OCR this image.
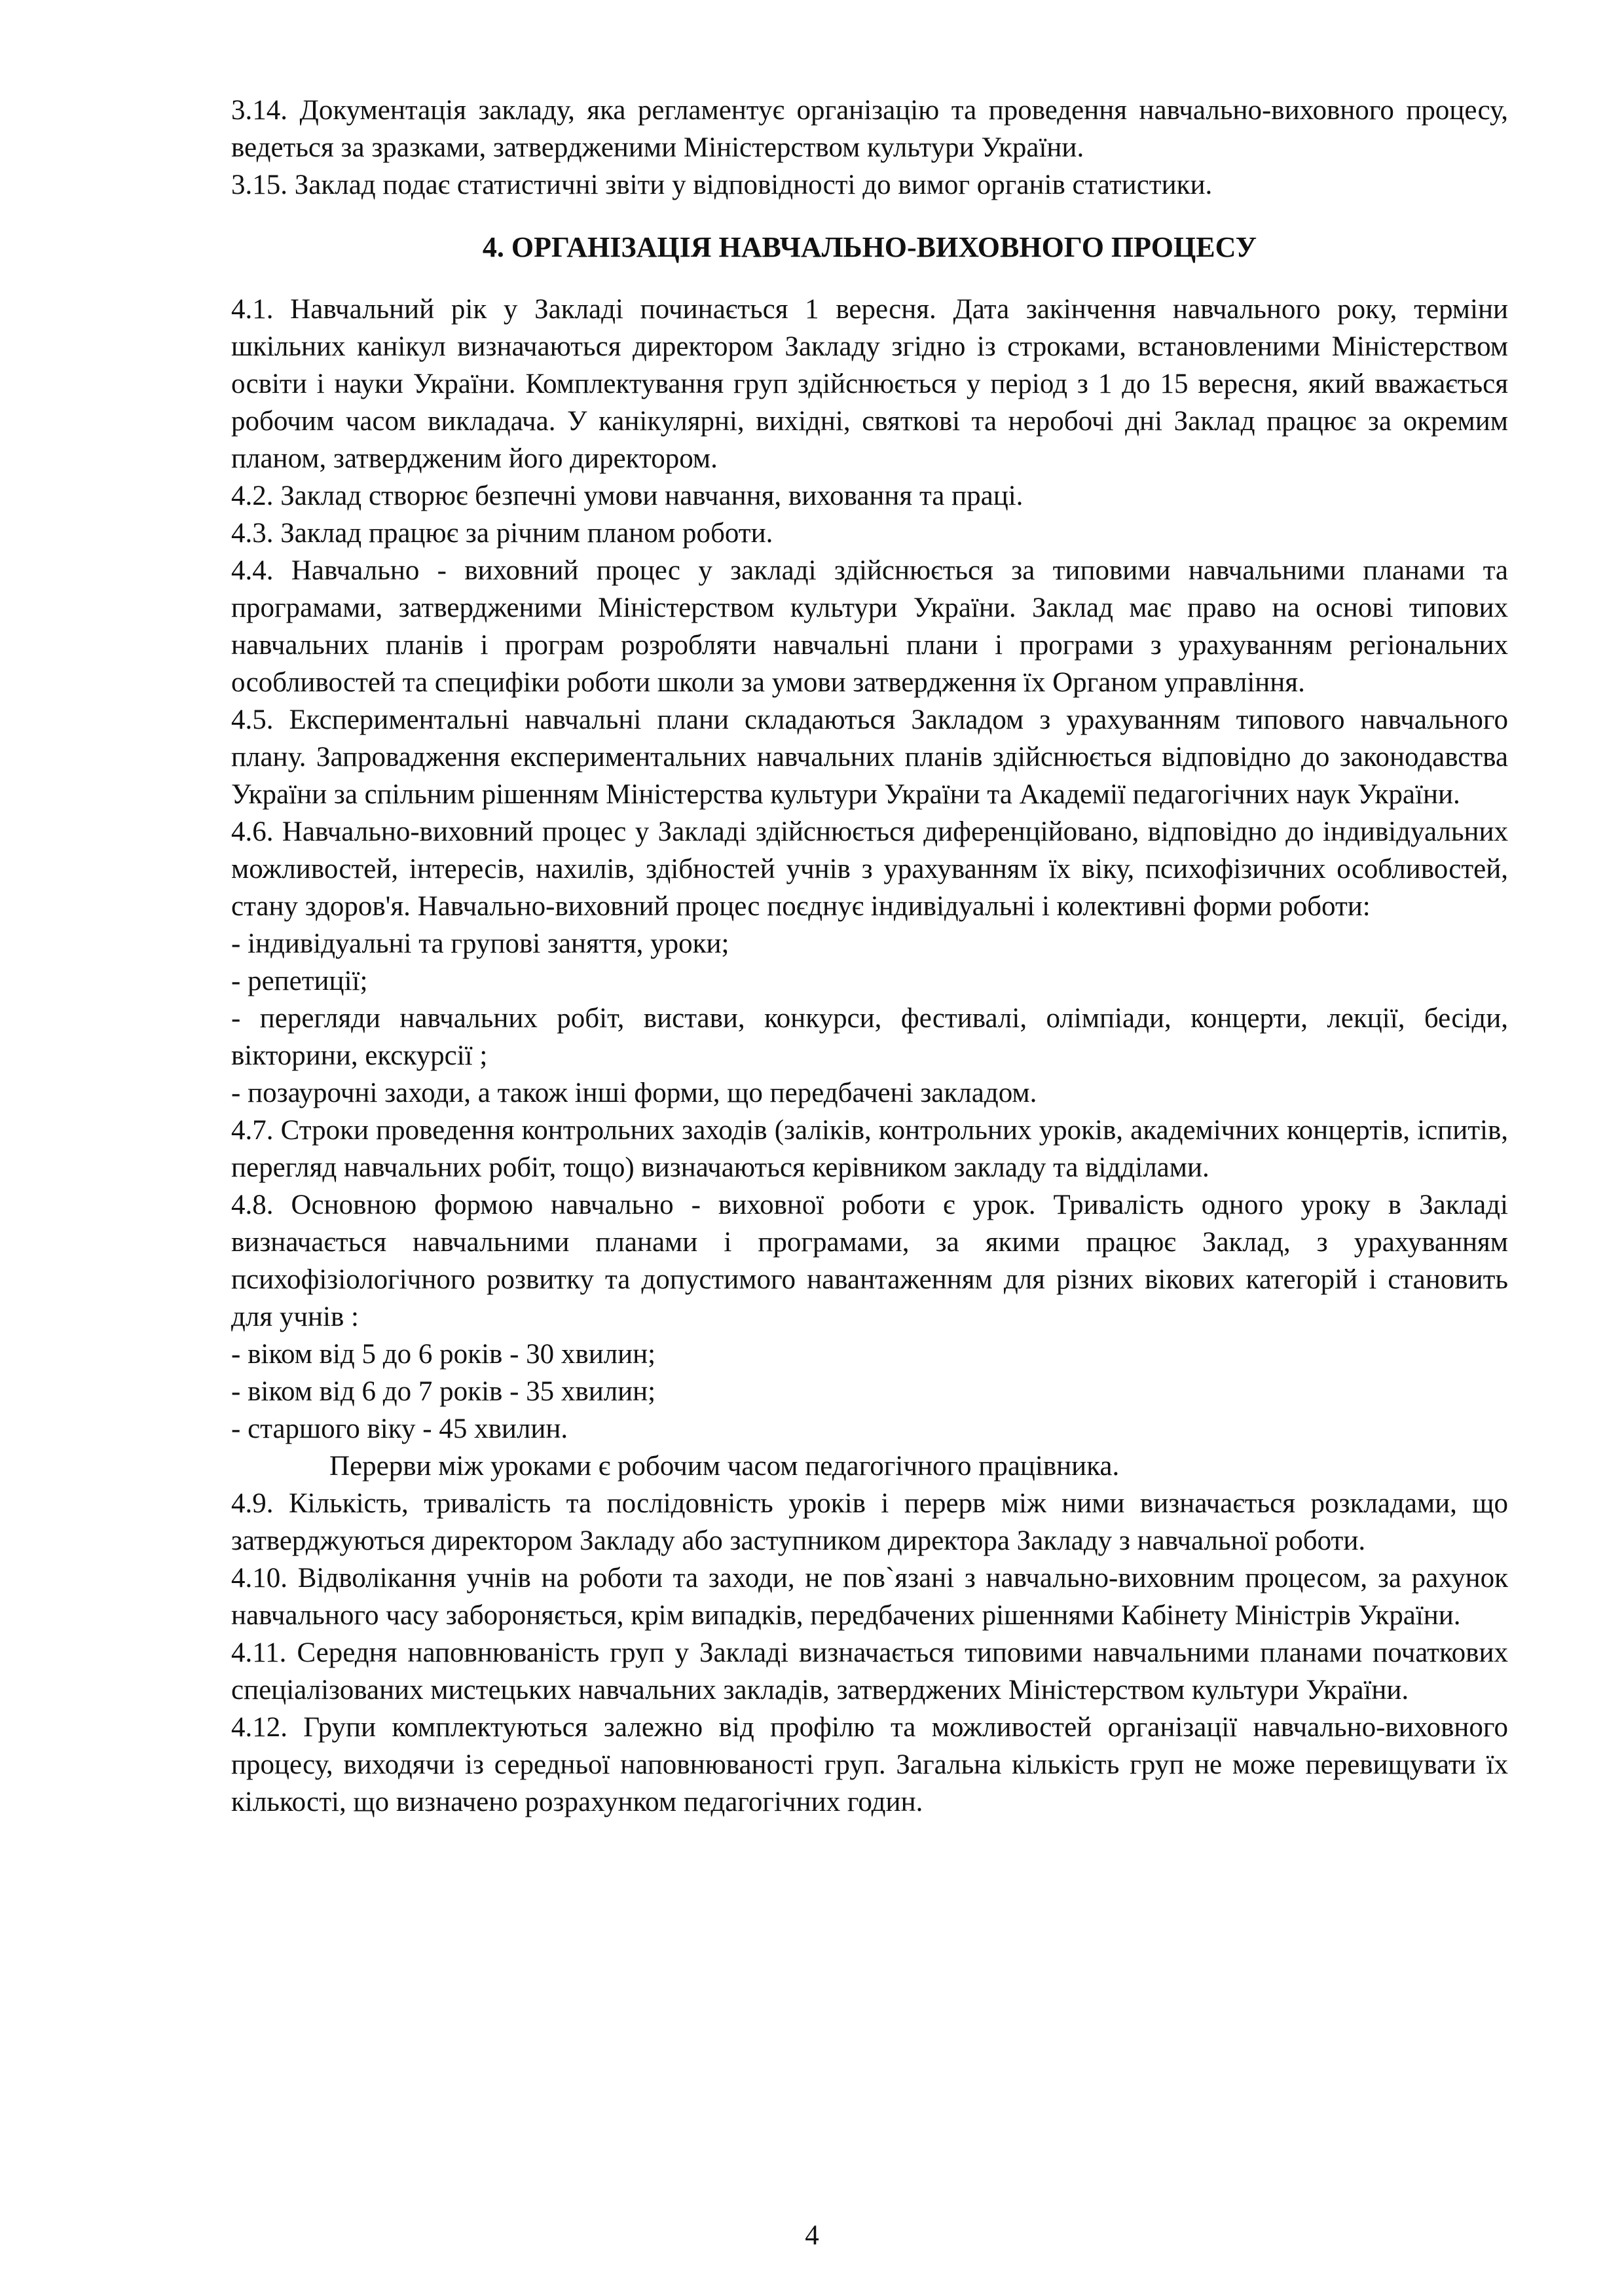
3.14. Документація закладу, яка регламентує організацію та проведення навчально-виховного процесу, ведеться за зразками, затвердженими Міністерством культури України.

3.15. Заклад подає статистичні звіти у відповідності до вимог органів статистики.

4. ОРГАНІЗАЦІЯ НАВЧАЛЬНО-ВИХОВНОГО ПРОЦЕСУ

4.1. Навчальний рік у Закладі починається 1 вересня. Дата закінчення навчального року, терміни шкільних канікул визначаються директором Закладу згідно із строками, встановленими Міністерством освіти і науки України. Комплектування груп здійснюється у період з 1 до 15 вересня, який вважається робочим часом викладача. У канікулярні, вихідні, святкові та неробочі дні Заклад працює за окремим планом, затвердженим його директором.

4.2. Заклад створює безпечні умови навчання, виховання та праці.

4.3. Заклад працює за річним планом роботи.

4.4. Навчально - виховний процес у закладі здійснюється за типовими навчальними планами та програмами, затвердженими Міністерством культури України. Заклад має право на основі типових навчальних планів і програм розробляти навчальні плани і програми з урахуванням регіональних особливостей та специфіки роботи школи за умови затвердження їх Органом управління.

4.5. Експериментальні навчальні плани складаються Закладом з урахуванням типового навчального плану. Запровадження експериментальних навчальних планів здійснюється відповідно до законодавства України за спільним рішенням Міністерства культури України та Академії педагогічних наук України.

4.6. Навчально-виховний процес у Закладі здійснюється диференційовано, відповідно до індивідуальних можливостей, інтересів, нахилів, здібностей учнів з урахуванням їх віку, психофізичних особливостей, стану здоров'я. Навчально-виховний процес поєднує індивідуальні і колективні форми роботи:

- індивідуальні та групові заняття, уроки;

- репетиції;

- перегляди навчальних робіт, вистави, конкурси, фестивалі, олімпіади, концерти, лекції, бесіди, вікторини, екскурсії ;

- позаурочні заходи, а також інші форми, що передбачені закладом.

4.7. Строки проведення контрольних заходів (заліків, контрольних уроків, академічних концертів, іспитів, перегляд навчальних робіт, тощо) визначаються керівником закладу та відділами.

4.8. Основною формою навчально - виховної роботи є урок. Тривалість одного уроку в Закладі визначається навчальними планами і програмами, за якими працює Заклад, з урахуванням психофізіологічного розвитку та допустимого навантаженням для різних вікових категорій і становить для учнів :

- віком від 5 до 6 років - 30 хвилин;

- віком від 6 до 7 років - 35 хвилин;

- старшого віку - 45 хвилин.

Перерви між уроками є робочим часом педагогічного працівника.

4.9. Кількість, тривалість та послідовність уроків і перерв між ними визначається розкладами, що затверджуються директором Закладу або заступником директора Закладу з навчальної роботи.

4.10. Відволікання учнів на роботи та заходи, не пов`язані з навчально-виховним процесом, за рахунок навчального часу забороняється, крім випадків, передбачених рішеннями Кабінету Міністрів України.

4.11. Середня наповнюваність груп у Закладі визначається типовими навчальними планами початкових спеціалізованих мистецьких навчальних закладів, затверджених Міністерством культури України.

4.12. Групи комплектуються залежно від профілю та можливостей організації навчально-виховного процесу, виходячи із середньої наповнюваності груп. Загальна кількість груп не може перевищувати їх кількості, що визначено розрахунком педагогічних годин.

4
